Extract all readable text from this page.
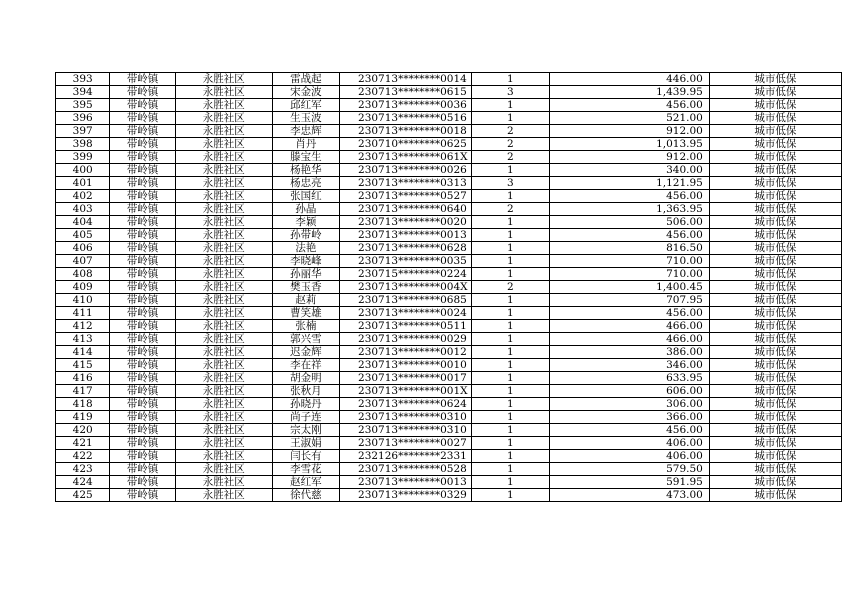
393	带岭镇	永胜社区	雷战起	230713********0014	1	446.00	城市低保
394	带岭镇	永胜社区	宋金波	230713********0615	3	1,439.95	城市低保
395	带岭镇	永胜社区	邱红军	230713********0036	1	456.00	城市低保
396	带岭镇	永胜社区	生玉波	230713********0516	1	521.00	城市低保
397	带岭镇	永胜社区	李忠辉	230713********0018	2	912.00	城市低保
398	带岭镇	永胜社区	肖丹	230710********0625	2	1,013.95	城市低保
399	带岭镇	永胜社区	滕宝生	230713********061X	2	912.00	城市低保
400	带岭镇	永胜社区	杨艳华	230713********0026	1	340.00	城市低保
401	带岭镇	永胜社区	杨忠亮	230713********0313	3	1,121.95	城市低保
402	带岭镇	永胜社区	张国红	230713********0527	1	456.00	城市低保
403	带岭镇	永胜社区	孙晶	230713********0640	2	1,363.95	城市低保
404	带岭镇	永胜社区	李颖	230713********0020	1	506.00	城市低保
405	带岭镇	永胜社区	孙带岭	230713********0013	1	456.00	城市低保
406	带岭镇	永胜社区	法艳	230713********0628	1	816.50	城市低保
407	带岭镇	永胜社区	李晓峰	230713********0035	1	710.00	城市低保
408	带岭镇	永胜社区	孙丽华	230715********0224	1	710.00	城市低保
409	带岭镇	永胜社区	樊玉香	230713********004X	2	1,400.45	城市低保
410	带岭镇	永胜社区	赵莉	230713********0685	1	707.95	城市低保
411	带岭镇	永胜社区	曹笑雄	230713********0024	1	456.00	城市低保
412	带岭镇	永胜社区	张楠	230713********0511	1	466.00	城市低保
413	带岭镇	永胜社区	郭兴雪	230713********0029	1	466.00	城市低保
414	带岭镇	永胜社区	迟金辉	230713********0012	1	386.00	城市低保
415	带岭镇	永胜社区	李在祥	230713********0010	1	346.00	城市低保
416	带岭镇	永胜社区	胡金明	230713********0017	1	633.95	城市低保
417	带岭镇	永胜社区	张秋月	230713********001X	1	606.00	城市低保
418	带岭镇	永胜社区	孙晓丹	230713********0624	1	306.00	城市低保
419	带岭镇	永胜社区	尚子连	230713********0310	1	366.00	城市低保
420	带岭镇	永胜社区	宗太刚	230713********0310	1	456.00	城市低保
421	带岭镇	永胜社区	王淑娟	230713********0027	1	406.00	城市低保
422	带岭镇	永胜社区	闫长有	232126********2331	1	406.00	城市低保
423	带岭镇	永胜社区	李雪花	230713********0528	1	579.50	城市低保
424	带岭镇	永胜社区	赵红军	230713********0013	1	591.95	城市低保
425	带岭镇	永胜社区	徐代慈	230713********0329	1	473.00	城市低保
